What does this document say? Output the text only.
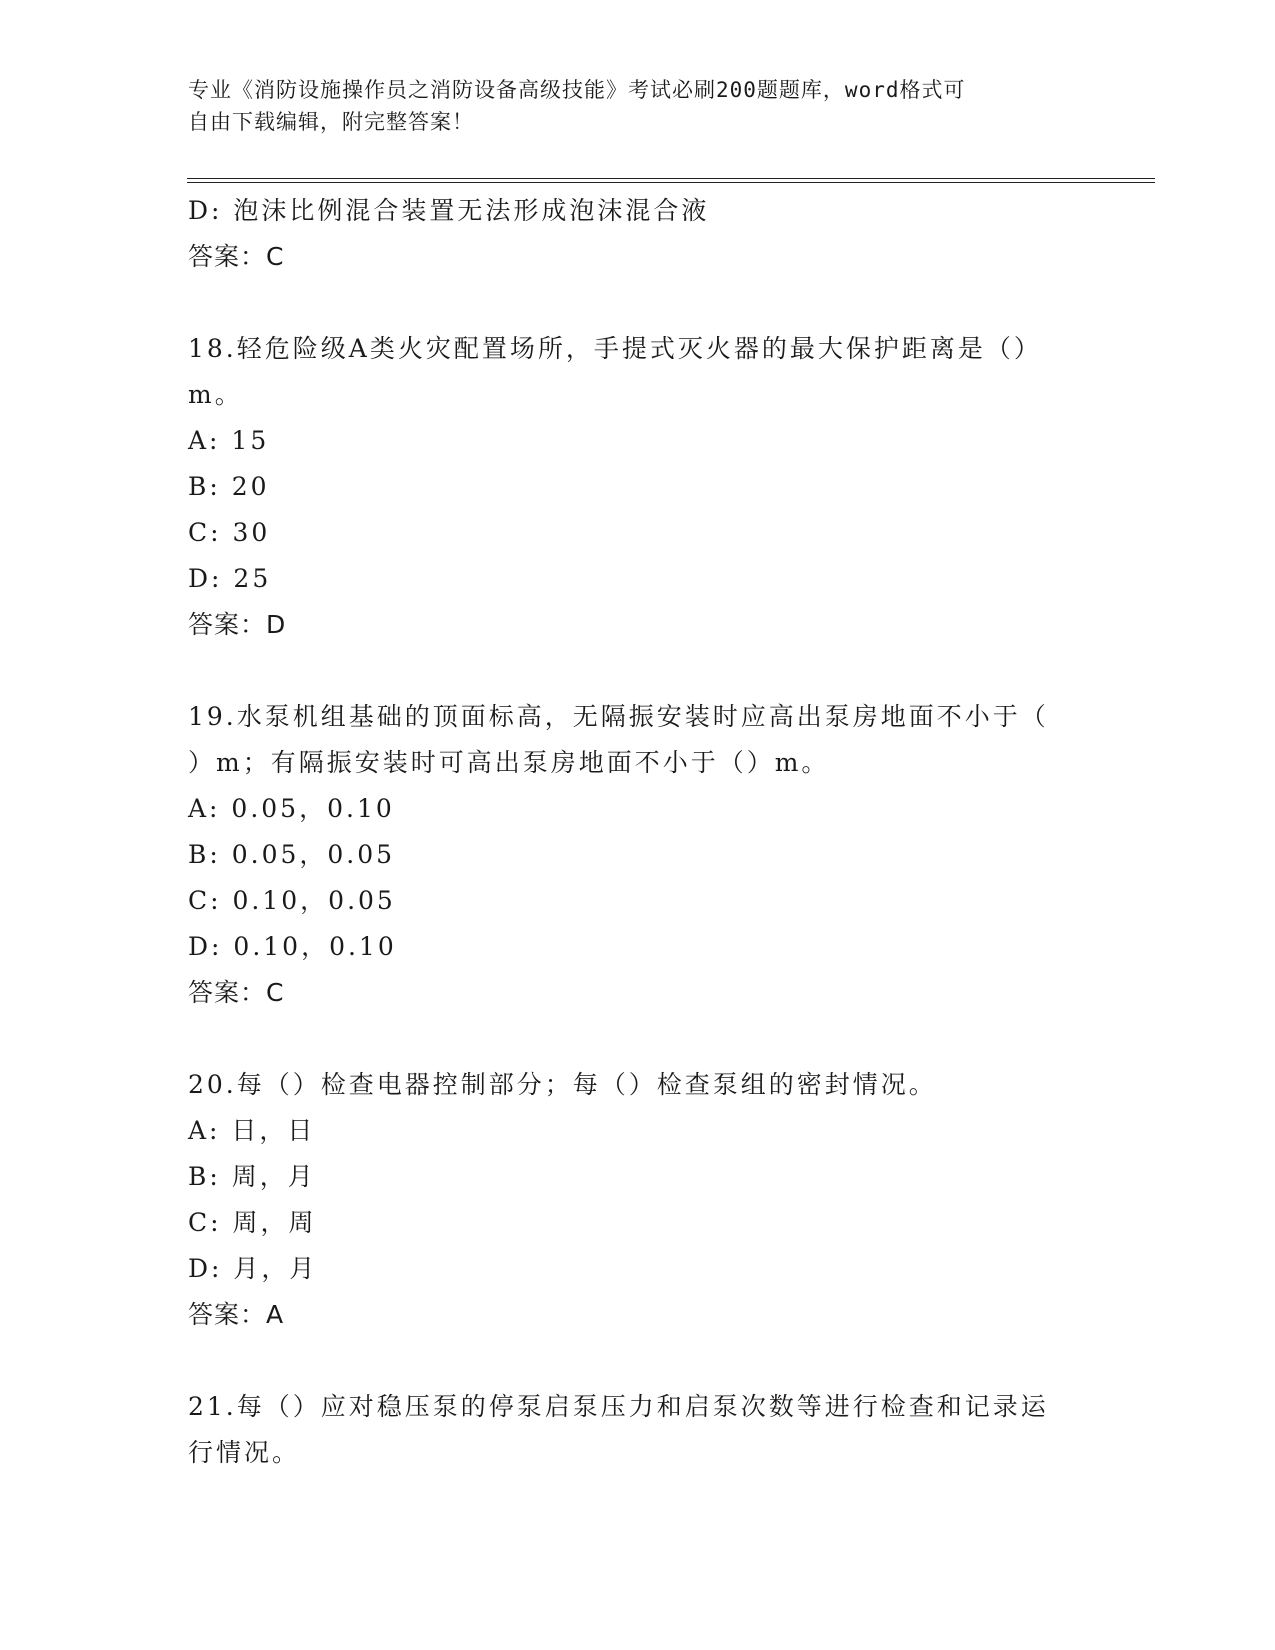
专业《消防设施操作员之消防设备高级技能》考试必刷200题题库，word格式可
自由下载编辑，附完整答案！
D: 泡沫比例混合装置无法形成泡沫混合液
答案：C
18.轻危险级A类火灾配置场所，手提式灭火器的最大保护距离是（）
m。
A: 15
B: 20
C: 30
D: 25
答案：D
19.水泵机组基础的顶面标高，无隔振安装时应高出泵房地面不小于（
）m；有隔振安装时可高出泵房地面不小于（）m。
A: 0.05，0.10
B: 0.05，0.05
C: 0.10，0.05
D: 0.10，0.10
答案：C
20.每（）检查电器控制部分；每（）检查泵组的密封情况。
A: 日，日
B: 周，月
C: 周，周
D: 月，月
答案：A
21.每（）应对稳压泵的停泵启泵压力和启泵次数等进行检查和记录运
行情况。
